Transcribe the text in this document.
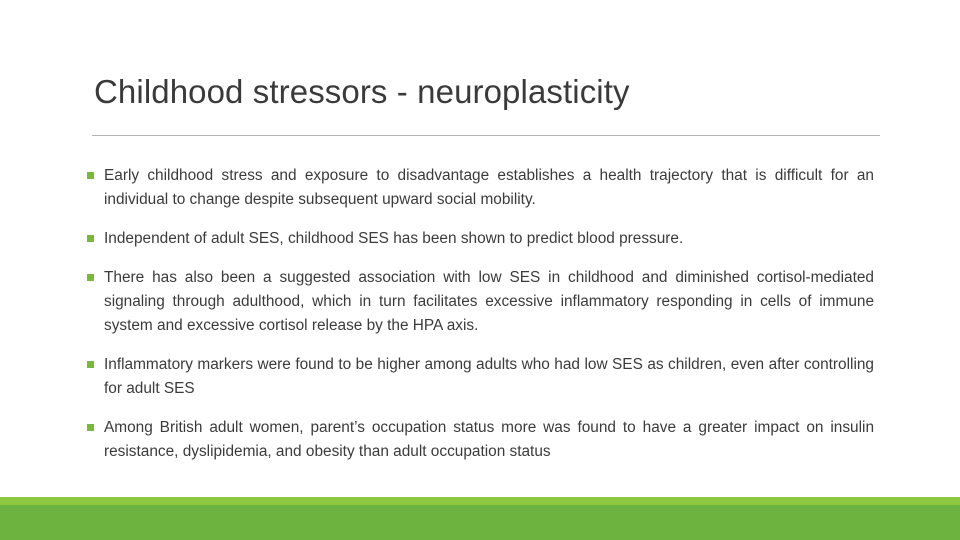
Childhood stressors - neuroplasticity
Early childhood stress and exposure to disadvantage establishes a health trajectory that is difficult for an individual to change despite subsequent upward social mobility.
Independent of adult SES, childhood SES has been shown to predict blood pressure.
There has also been a suggested association with low SES in childhood and diminished cortisol-mediated signaling through adulthood, which in turn facilitates excessive inflammatory responding in cells of immune system and excessive cortisol release by the HPA axis.
Inflammatory markers were found to be higher among adults who had low SES as children, even after controlling for adult SES
Among British adult women, parent’s occupation status more was found to have a greater impact on insulin resistance, dyslipidemia, and obesity than adult occupation status
